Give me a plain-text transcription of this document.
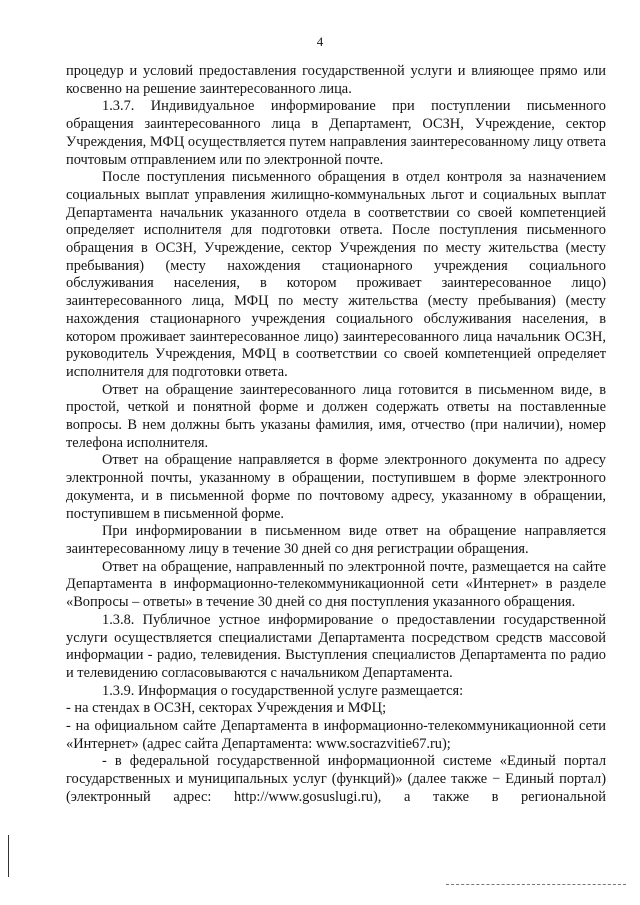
4

процедур и условий предоставления государственной услуги и влияющее прямо или косвенно на решение заинтересованного лица.

1.3.7. Индивидуальное информирование при поступлении письменного обращения заинтересованного лица в Департамент, ОСЗН, Учреждение, сектор Учреждения, МФЦ осуществляется путем направления заинтересованному лицу ответа почтовым отправлением или по электронной почте.

После поступления письменного обращения в отдел контроля за назначением социальных выплат управления жилищно-коммунальных льгот и социальных выплат Департамента начальник указанного отдела в соответствии со своей компетенцией определяет исполнителя для подготовки ответа. После поступления письменного обращения в ОСЗН, Учреждение, сектор Учреждения по месту жительства (месту пребывания) (месту нахождения стационарного учреждения социального обслуживания населения, в котором проживает заинтересованное лицо) заинтересованного лица, МФЦ по месту жительства (месту пребывания) (месту нахождения стационарного учреждения социального обслуживания населения, в котором проживает заинтересованное лицо) заинтересованного лица начальник ОСЗН, руководитель Учреждения, МФЦ в соответствии со своей компетенцией определяет исполнителя для подготовки ответа.

Ответ на обращение заинтересованного лица готовится в письменном виде, в простой, четкой и понятной форме и должен содержать ответы на поставленные вопросы. В нем должны быть указаны фамилия, имя, отчество (при наличии), номер телефона исполнителя.

Ответ на обращение направляется в форме электронного документа по адресу электронной почты, указанному в обращении, поступившем в форме электронного документа, и в письменной форме по почтовому адресу, указанному в обращении, поступившем в письменной форме.

При информировании в письменном виде ответ на обращение направляется заинтересованному лицу в течение 30 дней со дня регистрации обращения.

Ответ на обращение, направленный по электронной почте, размещается на сайте Департамента в информационно-телекоммуникационной сети «Интернет» в разделе «Вопросы – ответы» в течение 30 дней со дня поступления указанного обращения.

1.3.8. Публичное устное информирование о предоставлении государственной услуги осуществляется специалистами Департамента посредством средств массовой информации - радио, телевидения. Выступления специалистов Департамента по радио и телевидению согласовываются с начальником Департамента.

1.3.9. Информация о государственной услуге размещается:

- на стендах в ОСЗН, секторах Учреждения и МФЦ;

- на официальном сайте Департамента в информационно-телекоммуникационной сети «Интернет» (адрес сайта Департамента: www.socrazvitie67.ru);

- в федеральной государственной информационной системе «Единый портал государственных и муниципальных услуг (функций)» (далее также − Единый портал) (электронный адрес: http://www.gosuslugi.ru), а также в региональной
